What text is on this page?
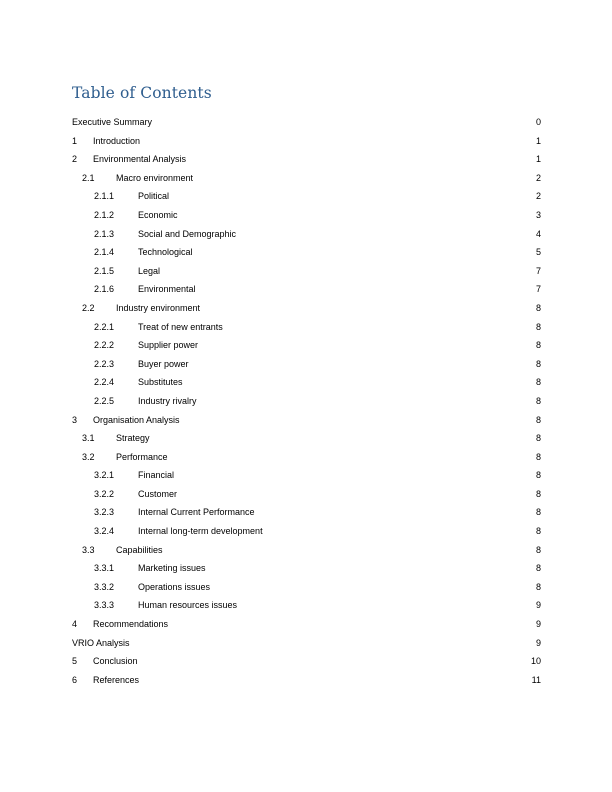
Table of Contents
Executive Summary .....	0
1	Introduction .....	1
2	Environmental Analysis .....	1
2.1	Macro environment .....	2
2.1.1	Political .....	2
2.1.2	Economic .....	3
2.1.3	Social and Demographic .....	4
2.1.4	Technological .....	5
2.1.5	Legal .....	7
2.1.6	Environmental .....	7
2.2	Industry environment .....	8
2.2.1	Treat of new entrants .....	8
2.2.2	Supplier power .....	8
2.2.3	Buyer power .....	8
2.2.4	Substitutes .....	8
2.2.5	Industry rivalry .....	8
3	Organisation Analysis .....	8
3.1	Strategy .....	8
3.2	Performance .....	8
3.2.1	Financial .....	8
3.2.2	Customer .....	8
3.2.3	Internal Current Performance .....	8
3.2.4	Internal long-term development .....	8
3.3	Capabilities .....	8
3.3.1	Marketing issues .....	8
3.3.2	Operations issues .....	8
3.3.3	Human resources issues .....	9
4	Recommendations .....	9
VRIO Analysis .....	9
5	Conclusion .....	10
6	References .....	11
